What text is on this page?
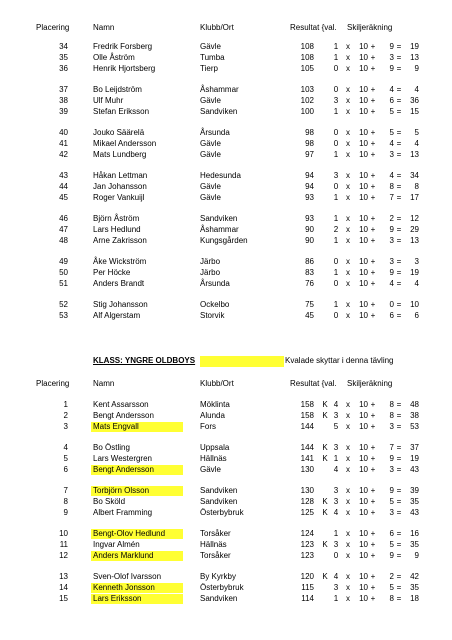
Placering	Namn	Klubb/Ort	Resultat {val. Skiljeräkning
34	Fredrik Forsberg	Gävle	108 1 x	10 +	9 =	19
35	Olle Åström	Tumba	108 1 x	10 +	3 =	13
36	Henrik Hjortsberg	Tierp	105 0 x	10 +	9 =	9
37	Bo Leijdström	Åshammar	103 0 x	10 +	4 =	4
38	Ulf Muhr	Gävle	102 3 x	10 +	6 =	36
39	Stefan Eriksson	Sandviken	100 1 x	10 +	5 =	15
40	Jouko Säärelä	Årsunda	98 0 x	10 +	5 =	5
41	Mikael Andersson	Gävle	98 0 x	10 +	4 =	4
42	Mats Lundberg	Gävle	97 1 x	10 +	3 =	13
43	Håkan Lettman	Hedesunda	94 3 x	10 +	4 =	34
44	Jan Johansson	Gävle	94 0 x	10 +	8 =	8
45	Roger Vankuijl	Gävle	93 1 x	10 +	7 =	17
46	Björn Åström	Sandviken	93 1 x	10 +	2 =	12
47	Lars Hedlund	Åshammar	90 2 x	10 +	9 =	29
48	Arne Zakrisson	Kungsgården	90 1 x	10 +	3 =	13
49	Åke Wickström	Järbo	86 0 x	10 +	3 =	3
50	Per Höcke	Järbo	83 1 x	10 +	9 =	19
51	Anders Brandt	Årsunda	76 0 x	10 +	4 =	4
52	Stig Johansson	Ockelbo	75 1 x	10 +	0 =	10
53	Alf Algerstam	Storvik	45 0 x	10 +	6 =	6
KLASS: YNGRE OLDBOYS	Kvalade skyttar i denna tävling
Placering	Namn	Klubb/Ort	Resultat {val. Skiljeräkning
1	Kent Assarsson	Möklinta	158 K 4 x	10 +	8 =	48
2	Bengt Andersson	Alunda	158 K 3 x	10 +	8 =	38
3	Mats Engvall	Fors	144 5 x	10 +	3 =	53
4	Bo Östling	Uppsala	144 K 3 x	10 +	7 =	37
5	Lars Westergren	Hällnäs	141 K 1 x	10 +	9 =	19
6	Bengt Andersson	Gävle	130 4 x	10 +	3 =	43
7	Torbjörn Olsson	Sandviken	130 3 x	10 +	9 =	39
8	Bo Sköld	Sandviken	128 K 3 x	10 +	5 =	35
9	Albert Framming	Österbybruk	125 K 4 x	10 +	3 =	43
10	Bengt-Olov Hedlund	Torsåker	124 1 x	10 +	6 =	16
11	Ingvar Almén	Hällnäs	123 K 3 x	10 +	5 =	35
12	Anders Marklund	Torsåker	123 0 x	10 +	9 =	9
13	Sven-Olof Ivarsson	By Kyrkby	120 K 4 x	10 +	2 =	42
14	Kenneth Jonsson	Österbybruk	115 3 x	10 +	5 =	35
15	Lars Eriksson	Sandviken	114 1 x	10 +	8 =	18
